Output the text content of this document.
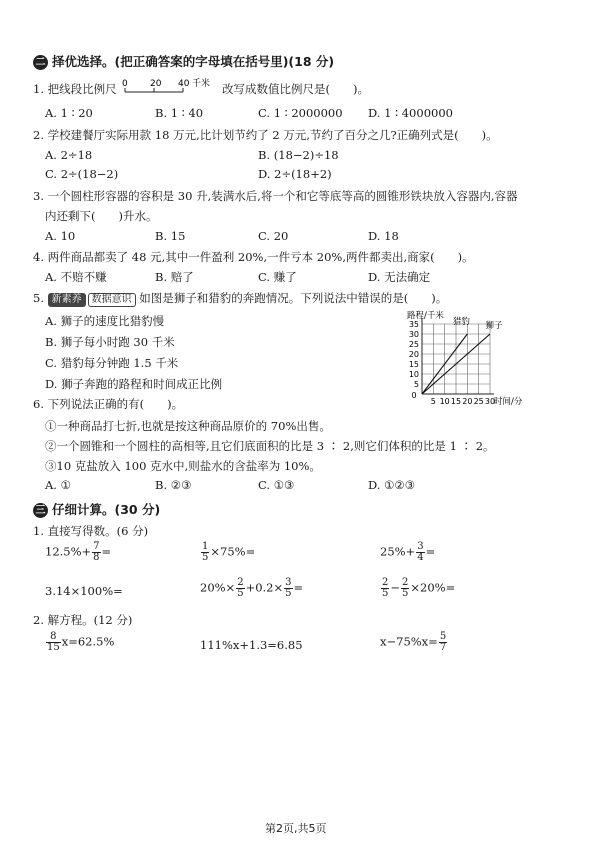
二 择优选择。(把正确答案的字母填在括号里)(18 分)
1. 把线段比例尺 0 20 40 千米 改写成数值比例尺是(　　)。
A. 1 ∶ 20	B. 1 ∶ 40	C. 1 ∶ 2000000 D. 1 ∶ 4000000
2. 学校建餐厅实际用款 18 万元,比计划节约了 2 万元,节约了百分之几?正确列式是(　　)。
A. 2÷18	B. (18−2)÷18
C. 2÷(18−2)	D. 2÷(18+2)
3. 一个圆柱形容器的容积是 30 升,装满水后,将一个和它等底等高的圆锥形铁块放入容器内,容器
内还剩下(　　)升水。
A. 10	B. 15	C. 20	D. 18
4. 两件商品都卖了 48 元,其中一件盈利 20%,一件亏本 20%,两件都卖出,商家(　　)。
A. 不赔不赚	B. 赔了	C. 赚了	D. 无法确定
5. 新素养 数据意识 如图是狮子和猎豹的奔跑情况。下列说法中错误的是(　　)。
A. 狮子的速度比猎豹慢
B. 狮子每小时跑 30 千米
C. 猎豹每分钟跑 1.5 千米
D. 狮子奔跑的路程和时间成正比例
0
5 10 15 20 25 30
5
10
15
20
25
30
35
路程/千米
时间/分
猎豹 狮子
6. 下列说法正确的有(　　)。
①一种商品打七折,也就是按这种商品原价的 70%出售。
②一个圆锥和一个圆柱的高相等,且它们底面积的比是 3 ∶ 2,则它们体积的比是 1 ∶ 2。
③10 克盐放入 100 克水中,则盐水的含盐率为 10%。
A. ①	B. ②③	C. ①③	D. ①②③
三 仔细计算。(30 分)
1. 直接写得数。(6 分)
$12.5\%+ \frac{7}{8}$ =	$\frac{1}{5} \times 75\%=$	$25\%+ \frac{3}{4}$ =
3.14×100%=	$20\%\times \frac{2}{5} +0.2\times \frac{3}{5}$ =	$\frac{2}{5} - \frac{2}{5} \times 20\%=$
2. 解方程。(12 分)
$\frac{8}{15} x=62.5\%$	111%x+1.3=6.85	$x-75\%x= \frac{5}{7}$
第2页,共5页
